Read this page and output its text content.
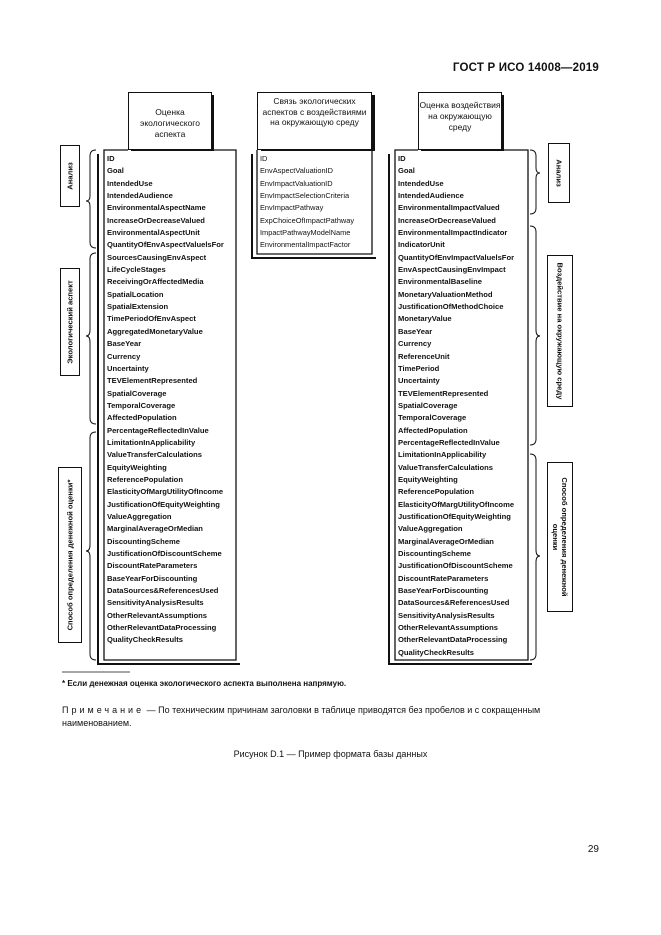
ГОСТ Р ИСО 14008—2019
Оценка экологического аспекта
Связь экологических аспектов с воздействиями на окружающую среду
Оценка воздействия на окружающую среду
ID
Goal
IntendedUse
IntendedAudience
EnvironmentalAspectName
IncreaseOrDecreaseValued
EnvironmentalAspectUnit
QuantityOfEnvAspectValuelsFor
SourcesCausingEnvAspect
LifeCycleStages
ReceivingOrAffectedMedia
SpatialLocation
SpatialExtension
TimePeriodOfEnvAspect
AggregatedMonetaryValue
BaseYear
Currency
Uncertainty
TEVElementRepresented
SpatialCoverage
TemporalCoverage
AffectedPopulation
PercentageReflectedInValue
LimitationInApplicability
ValueTransferCalculations
EquityWeighting
ReferencePopulation
ElasticityOfMargUtilityOfIncome
JustificationOfEquityWeighting
ValueAggregation
MarginalAverageOrMedian
DiscountingScheme
JustificationOfDiscountScheme
DiscountRateParameters
BaseYearForDiscounting
DataSources&ReferencesUsed
SensitivityAnalysisResults
OtherRelevantAssumptions
OtherRelevantDataProcessing
QualityCheckResults
ID
EnvAspectValuationID
EnvImpactValuationID
EnvImpactSelectionCriteria
EnvImpactPathway
ExpChoiceOfImpactPathway
ImpactPathwayModelName
EnvironmentalImpactFactor
ID
Goal
IntendedUse
IntendedAudience
EnvironmentalImpactValued
IncreaseOrDecreaseValued
EnvironmentalImpactIndicator
IndicatorUnit
QuantityOfEnvImpactValuelsFor
EnvAspectCausingEnvImpact
EnvironmentalBaseline
MonetaryValuationMethod
JustificationOfMethodChoice
MonetaryValue
BaseYear
Currency
ReferenceUnit
TimePeriod
Uncertainty
TEVElementRepresented
SpatialCoverage
TemporalCoverage
AffectedPopulation
PercentageReflectedInValue
LimitationInApplicability
ValueTransferCalculations
EquityWeighting
ReferencePopulation
ElasticityOfMargUtilityOfIncome
JustificationOfEquityWeighting
ValueAggregation
MarginalAverageOrMedian
DiscountingScheme
JustificationOfDiscountScheme
DiscountRateParameters
BaseYearForDiscounting
DataSources&ReferencesUsed
SensitivityAnalysisResults
OtherRelevantAssumptions
OtherRelevantDataProcessing
QualityCheckResults
Анализ
Экологический аспект
Способ определения денежной оценки*
Анализ
Воздействие на окружающую среду
Способ определения денежной оценки
* Если денежная оценка экологического аспекта выполнена напрямую.
Примечание — По техническим причинам заголовки в таблице приводятся без пробелов и с сокращенным наименованием.
Рисунок D.1 — Пример формата базы данных
29
